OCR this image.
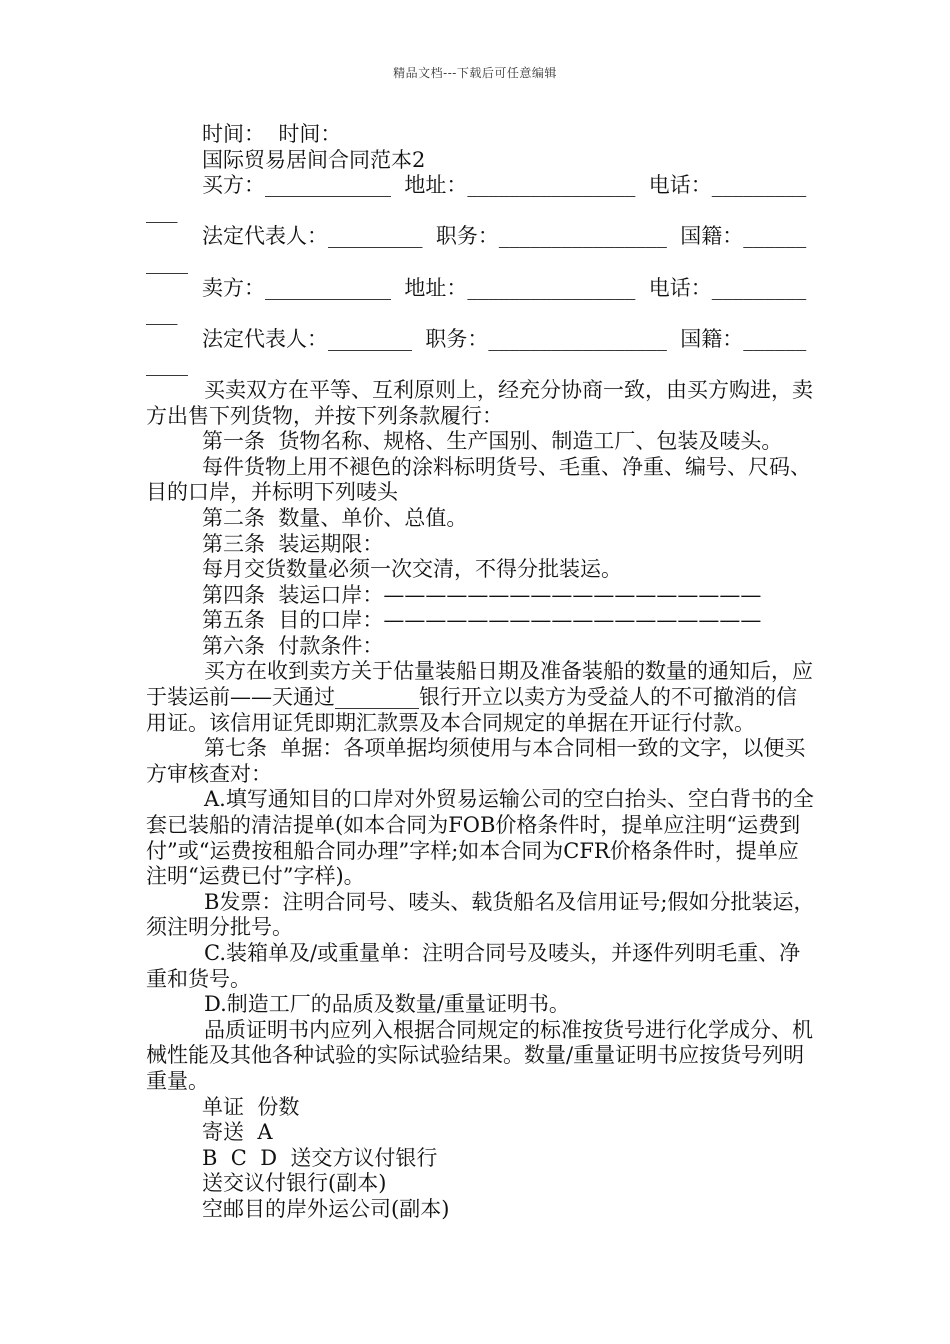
精品文档---下载后可任意编辑

时间：  时间：

国际贸易居间合同范本2

买方：____________  地址：________________  电话：____________

法定代表人：_________  职务：________________  国籍：__________

卖方：____________  地址：________________  电话：____________

法定代表人：________  职务：_________________  国籍：__________

买卖双方在平等、互利原则上，经充分协商一致，由买方购进，卖方出售下列货物，并按下列条款履行：

第一条  货物名称、规格、生产国别、制造工厂、包装及唛头。

每件货物上用不褪色的涂料标明货号、毛重、净重、编号、尺码、目的口岸，并标明下列唛头

第二条  数量、单价、总值。

第三条  装运期限：

每月交货数量必须一次交清，不得分批装运。

第四条  装运口岸：——————————————————

第五条  目的口岸：——————————————————

第六条  付款条件：

买方在收到卖方关于估量装船日期及准备装船的数量的通知后，应于装运前——天通过________银行开立以卖方为受益人的不可撤消的信用证。该信用证凭即期汇款票及本合同规定的单据在开证行付款。

第七条  单据：各项单据均须使用与本合同相一致的文字，以便买方审核查对：

A.填写通知目的口岸对外贸易运输公司的空白抬头、空白背书的全套已装船的清洁提单(如本合同为FOB价格条件时，提单应注明“运费到付”或“运费按租船合同办理”字样;如本合同为CFR价格条件时，提单应注明“运费已付”字样)。

B发票：注明合同号、唛头、载货船名及信用证号;假如分批装运，须注明分批号。

C.装箱单及/或重量单：注明合同号及唛头，并逐件列明毛重、净重和货号。

D.制造工厂的品质及数量/重量证明书。

品质证明书内应列入根据合同规定的标准按货号进行化学成分、机械性能及其他各种试验的实际试验结果。数量/重量证明书应按货号列明重量。

单证  份数

寄送  A

B  C  D  送交方议付银行

送交议付银行(副本)

空邮目的岸外运公司(副本)
